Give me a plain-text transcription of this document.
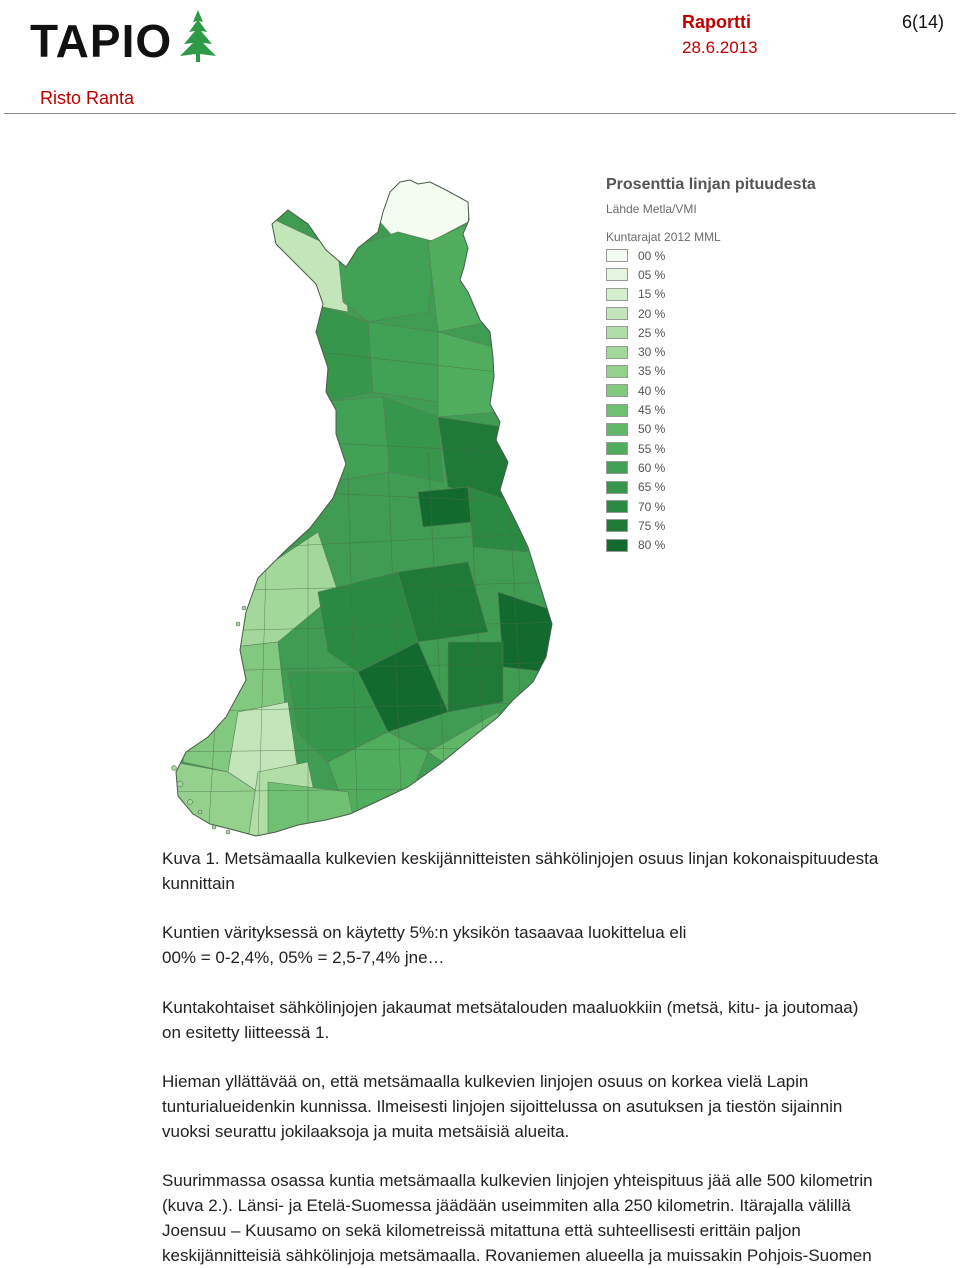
TAPIO	Raportti
28.6.2013
6(14)
Risto Ranta
Prosenttia linjan pituudesta
Lähde Metla/VMI
Kuntarajat 2012 MML
00 %
05 %
15 %
20 %
25 %
30 %
35 %
40 %
45 %
50 %
55 %
60 %
65 %
70 %
75 %
80 %

Kuva 1. Metsämaalla kulkevien keskijännitteisten sähkölinjojen osuus linjan kokonaispituudesta

kunnittain

Kuntien värityksessä on käytetty 5%:n yksikön tasaavaa luokittelua eli

00% = 0-2,4%, 05% = 2,5-7,4% jne…

Kuntakohtaiset sähkölinjojen jakaumat metsätalouden maaluokkiin (metsä, kitu- ja joutomaa)

on esitetty liitteessä 1.

Hieman yllättävää on, että metsämaalla kulkevien linjojen osuus on korkea vielä Lapin

tunturialueidenkin kunnissa. Ilmeisesti linjojen sijoittelussa on asutuksen ja tiestön sijainnin

vuoksi seurattu jokilaaksoja ja muita metsäisiä alueita.

Suurimmassa osassa kuntia metsämaalla kulkevien linjojen yhteispituus jää alle 500 kilometrin

(kuva 2.). Länsi- ja Etelä-Suomessa jäädään useimmiten alla 250 kilometrin. Itärajalla välillä

Joensuu – Kuusamo on sekä kilometreissä mitattuna että suhteellisesti erittäin paljon

keskijännitteisiä sähkölinjoja metsämaalla. Rovaniemen alueella ja muissakin Pohjois-Suomen
